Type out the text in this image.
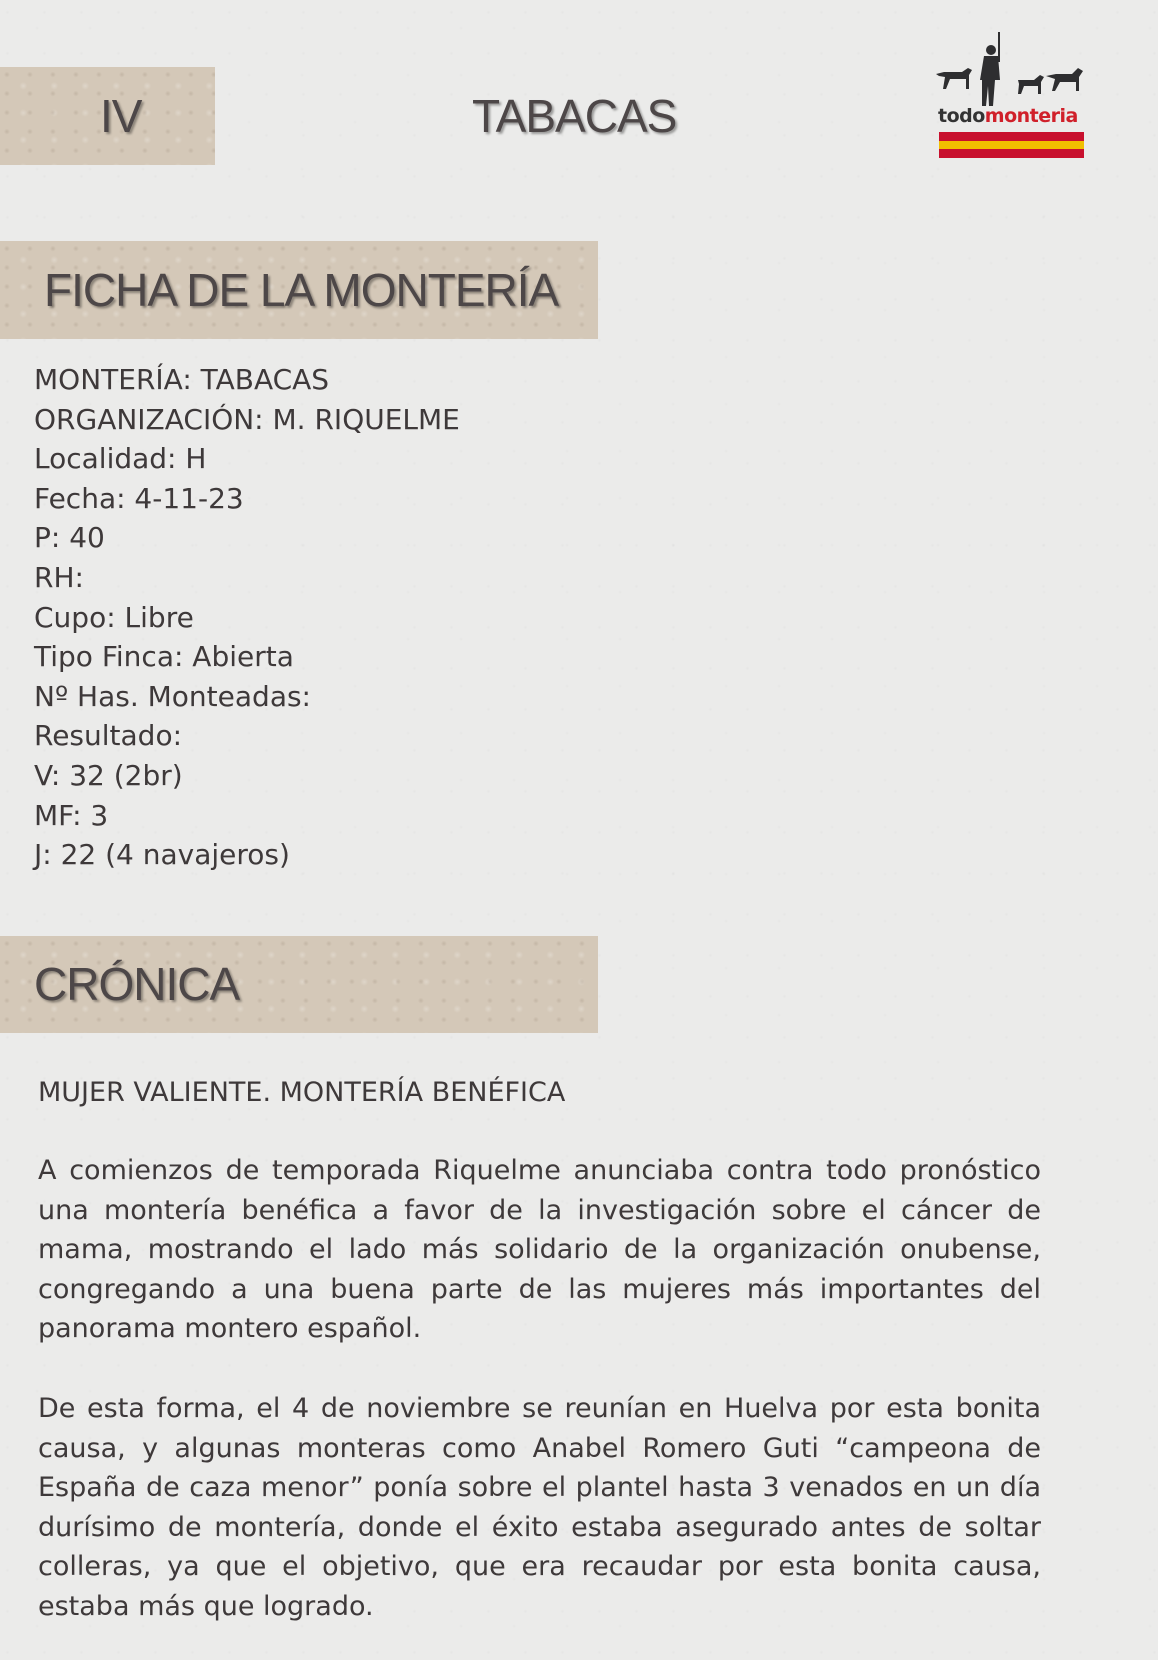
IV	TABACAS	todomonteria
FICHA DE LA MONTERÍA
MONTERÍA: TABACAS
ORGANIZACIÓN: M. RIQUELME
Localidad: H
Fecha: 4-11-23
P: 40
RH:
Cupo: Libre
Tipo Finca: Abierta
Nº Has. Monteadas:
Resultado:
V: 32 (2br)
MF: 3
J: 22 (4 navajeros)
CRÓNICA
MUJER VALIENTE. MONTERÍA BENÉFICA

A comienzos de temporada Riquelme anunciaba contra todo pronóstico una montería benéfica a favor de la investigación sobre el cáncer de mama, mostrando el lado más solidario de la organización onubense, congregando a una buena parte de las mujeres más importantes del panorama montero español.

De esta forma, el 4 de noviembre se reunían en Huelva por esta bonita causa, y algunas monteras como Anabel Romero Guti “campeona de España de caza menor” ponía sobre el plantel hasta 3 venados en un día durísimo de montería, donde el éxito estaba asegurado antes de soltar colleras, ya que el objetivo, que era recaudar por esta bonita causa, estaba más que logrado.
